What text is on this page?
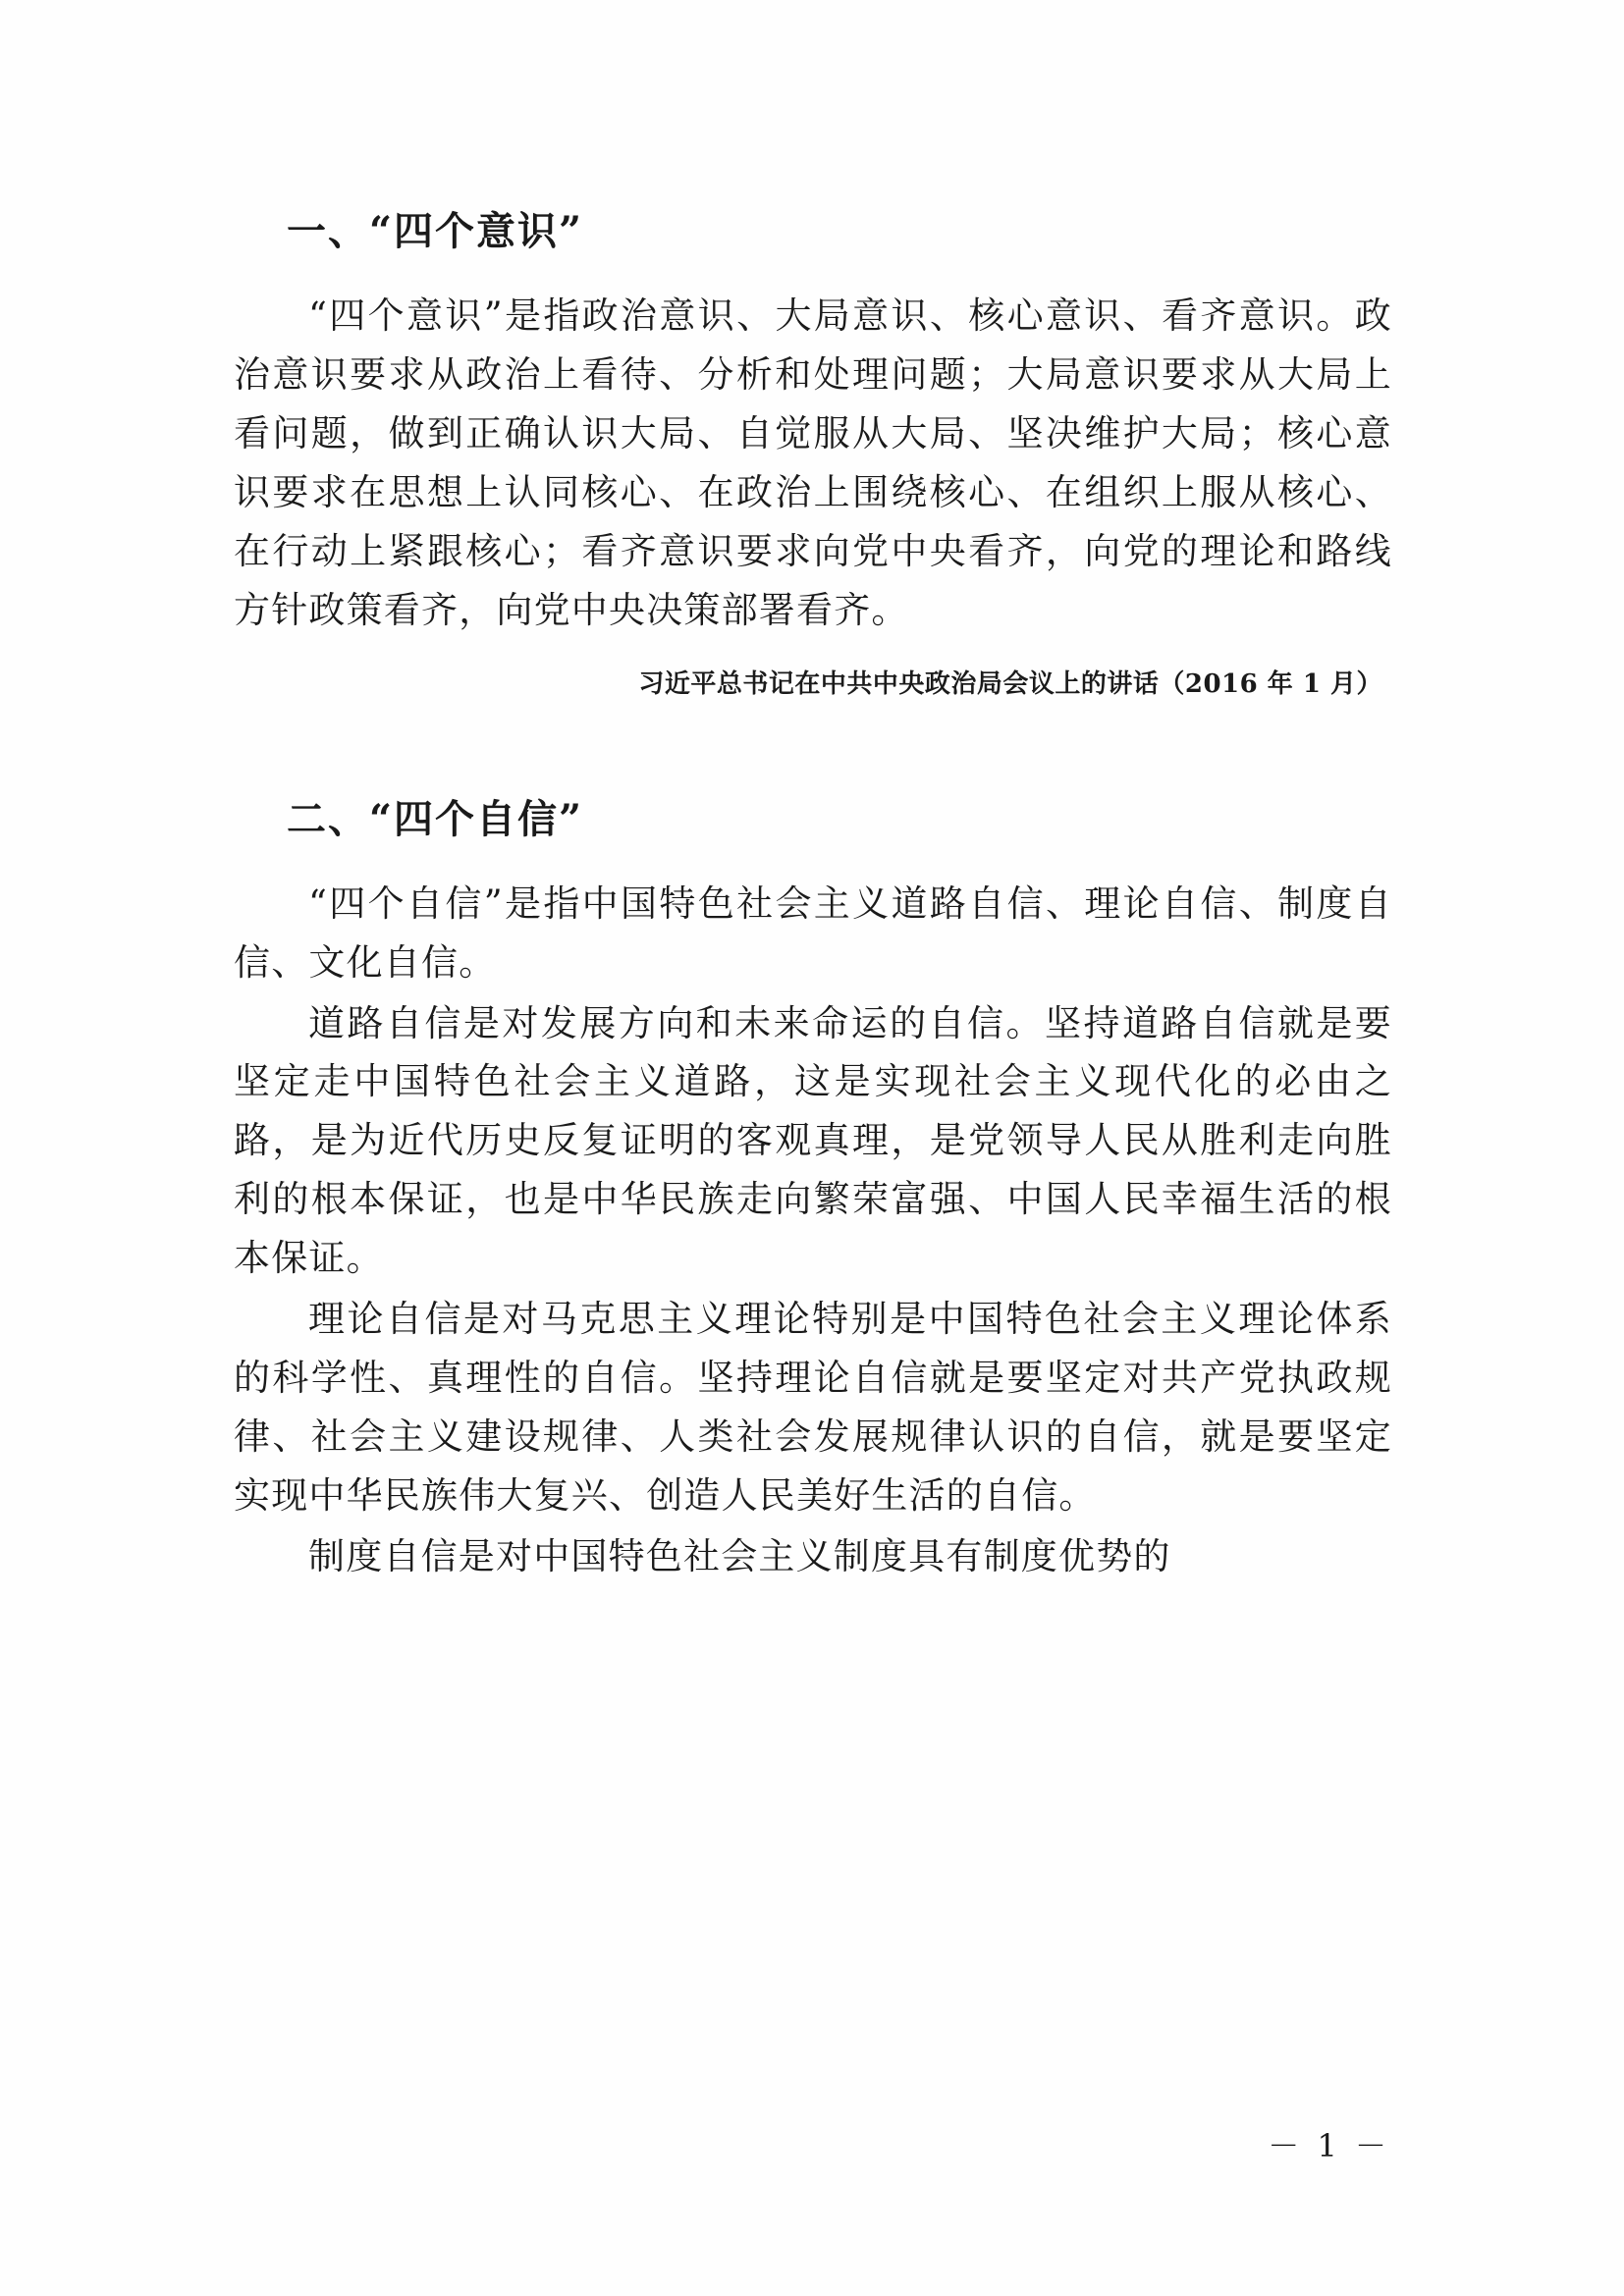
一、“四个意识”

“四个意识”是指政治意识、大局意识、核心意识、看齐意识。政治意识要求从政治上看待、分析和处理问题；大局意识要求从大局上看问题，做到正确认识大局、自觉服从大局、坚决维护大局；核心意识要求在思想上认同核心、在政治上围绕核心、在组织上服从核心、在行动上紧跟核心；看齐意识要求向党中央看齐，向党的理论和路线方针政策看齐，向党中央决策部署看齐。

习近平总书记在中共中央政治局会议上的讲话（2016 年 1 月）

二、“四个自信”

“四个自信”是指中国特色社会主义道路自信、理论自信、制度自信、文化自信。

道路自信是对发展方向和未来命运的自信。坚持道路自信就是要坚定走中国特色社会主义道路，这是实现社会主义现代化的必由之路，是为近代历史反复证明的客观真理，是党领导人民从胜利走向胜利的根本保证，也是中华民族走向繁荣富强、中国人民幸福生活的根本保证。

理论自信是对马克思主义理论特别是中国特色社会主义理论体系的科学性、真理性的自信。坚持理论自信就是要坚定对共产党执政规律、社会主义建设规律、人类社会发展规律认识的自信，就是要坚定实现中华民族伟大复兴、创造人民美好生活的自信。

制度自信是对中国特色社会主义制度具有制度优势的

－ 1 －
